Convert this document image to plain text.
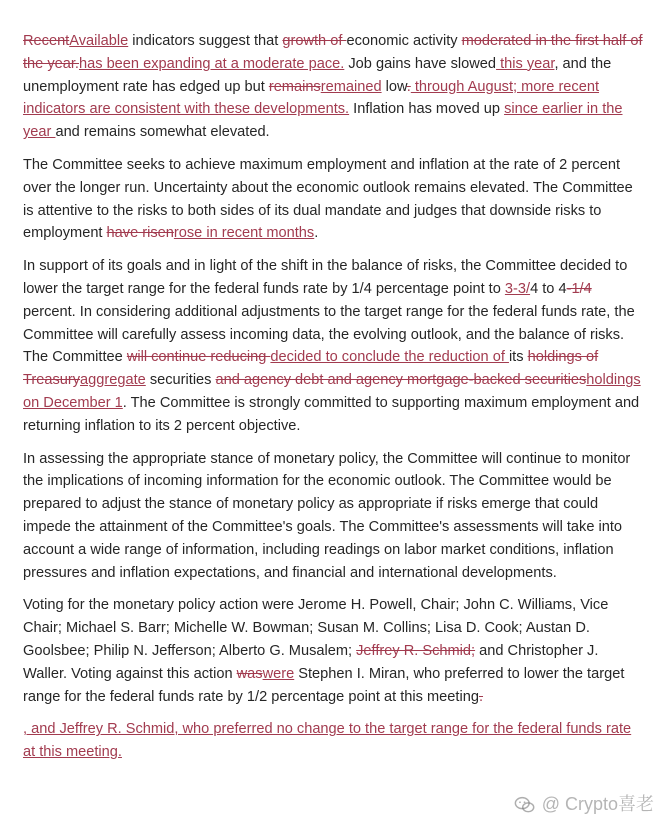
RecentAvailable indicators suggest that growth of economic activity moderated in the first half of the year.has been expanding at a moderate pace. Job gains have slowed this year, and the unemployment rate has edged up but remainsremained low. through August; more recent indicators are consistent with these developments. Inflation has moved up since earlier in the year and remains somewhat elevated.

The Committee seeks to achieve maximum employment and inflation at the rate of 2 percent over the longer run. Uncertainty about the economic outlook remains elevated. The Committee is attentive to the risks to both sides of its dual mandate and judges that downside risks to employment have risenrose in recent months.

In support of its goals and in light of the shift in the balance of risks, the Committee decided to lower the target range for the federal funds rate by 1/4 percentage point to 3-3/4 to 4-1/4 percent. In considering additional adjustments to the target range for the federal funds rate, the Committee will carefully assess incoming data, the evolving outlook, and the balance of risks. The Committee will continue reducing decided to conclude the reduction of its holdings of Treasuryaggregate securities and agency debt and agency mortgage-backed securitiesholdings on December 1. The Committee is strongly committed to supporting maximum employment and returning inflation to its 2 percent objective.

In assessing the appropriate stance of monetary policy, the Committee will continue to monitor the implications of incoming information for the economic outlook. The Committee would be prepared to adjust the stance of monetary policy as appropriate if risks emerge that could impede the attainment of the Committee's goals. The Committee's assessments will take into account a wide range of information, including readings on labor market conditions, inflation pressures and inflation expectations, and financial and international developments.

Voting for the monetary policy action were Jerome H. Powell, Chair; John C. Williams, Vice Chair; Michael S. Barr; Michelle W. Bowman; Susan M. Collins; Lisa D. Cook; Austan D. Goolsbee; Philip N. Jefferson; Alberto G. Musalem; Jeffrey R. Schmid; and Christopher J. Waller. Voting against this action waswere Stephen I. Miran, who preferred to lower the target range for the federal funds rate by 1/2 percentage point at this meeting.

, and Jeffrey R. Schmid, who preferred no change to the target range for the federal funds rate at this meeting.

@ Crypto喜老
